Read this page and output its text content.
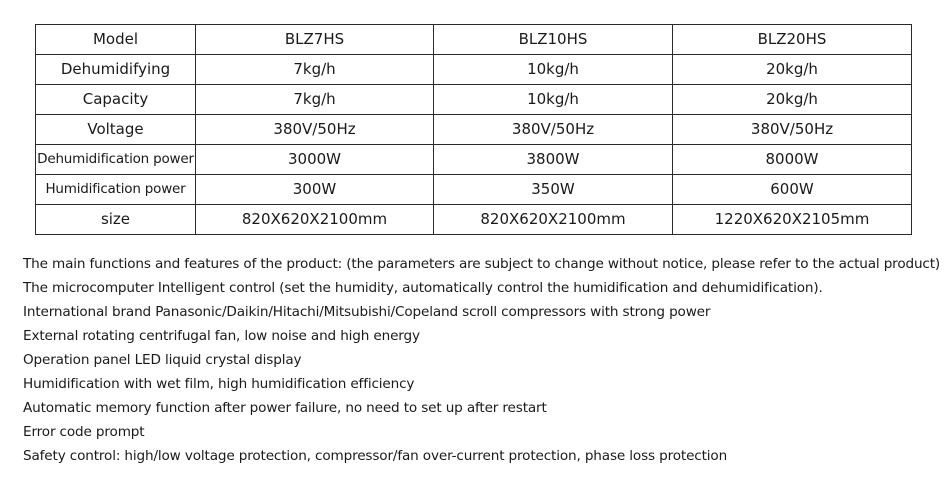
Model	BLZ7HS	BLZ10HS	BLZ20HS
Dehumidifying	7kg/h	10kg/h	20kg/h
Capacity	7kg/h	10kg/h	20kg/h
Voltage	380V/50Hz	380V/50Hz	380V/50Hz
Dehumidification power	3000W	3800W	8000W
Humidification power	300W	350W	600W
size	820X620X2100mm	820X620X2100mm	1220X620X2105mm
The main functions and features of the product: (the parameters are subject to change without notice, please refer to the actual product)
The microcomputer Intelligent control (set the humidity, automatically control the humidification and dehumidification).
International brand Panasonic/Daikin/Hitachi/Mitsubishi/Copeland scroll compressors with strong power
External rotating centrifugal fan, low noise and high energy
Operation panel LED liquid crystal display
Humidification with wet film, high humidification efficiency
Automatic memory function after power failure, no need to set up after restart
Error code prompt
Safety control: high/low voltage protection, compressor/fan over-current protection, phase loss protection
